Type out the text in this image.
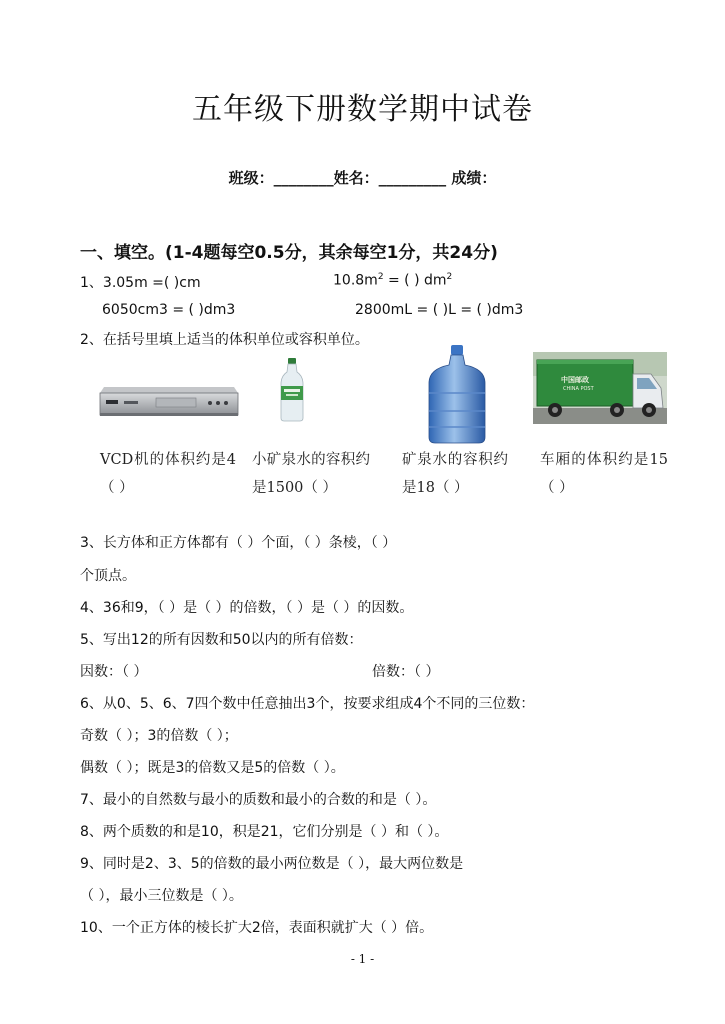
五年级下册数学期中试卷
班级：________姓名：_________ 成绩：
一、填空。(1-4题每空0.5分，其余每空1分，共24分)
1、3.05m =( )cm	$10.8m^2$ = ( ) $dm^2$
6050cm3 = ( )dm3	2800mL = ( )L = ( )dm3
2、在括号里填上适当的体积单位或容积单位。
中国邮政
CHINA POST
VCD机的体积约是4（ ）
小矿泉水的容积约是1500（ ）
矿泉水的容积约是18（ ）
车厢的体积约是15（ ）
3、长方体和正方体都有（ ）个面，（ ）条棱，（ ）
个顶点。
4、36和9，（ ）是（ ）的倍数，（ ）是（ ）的因数。
5、写出12的所有因数和50以内的所有倍数：
因数：（ ）	倍数：（ ）
6、从0、5、6、7四个数中任意抽出3个，按要求组成4个不同的三位数：
奇数（ ）；3的倍数（ ）；
偶数（ ）；既是3的倍数又是5的倍数（ ）。
7、最小的自然数与最小的质数和最小的合数的和是（ ）。
8、两个质数的和是10，积是21，它们分别是（ ）和（ ）。
9、同时是2、3、5的倍数的最小两位数是（ ），最大两位数是
（ ），最小三位数是（ ）。
10、一个正方体的棱长扩大2倍，表面积就扩大（ ）倍。
- 1 -
